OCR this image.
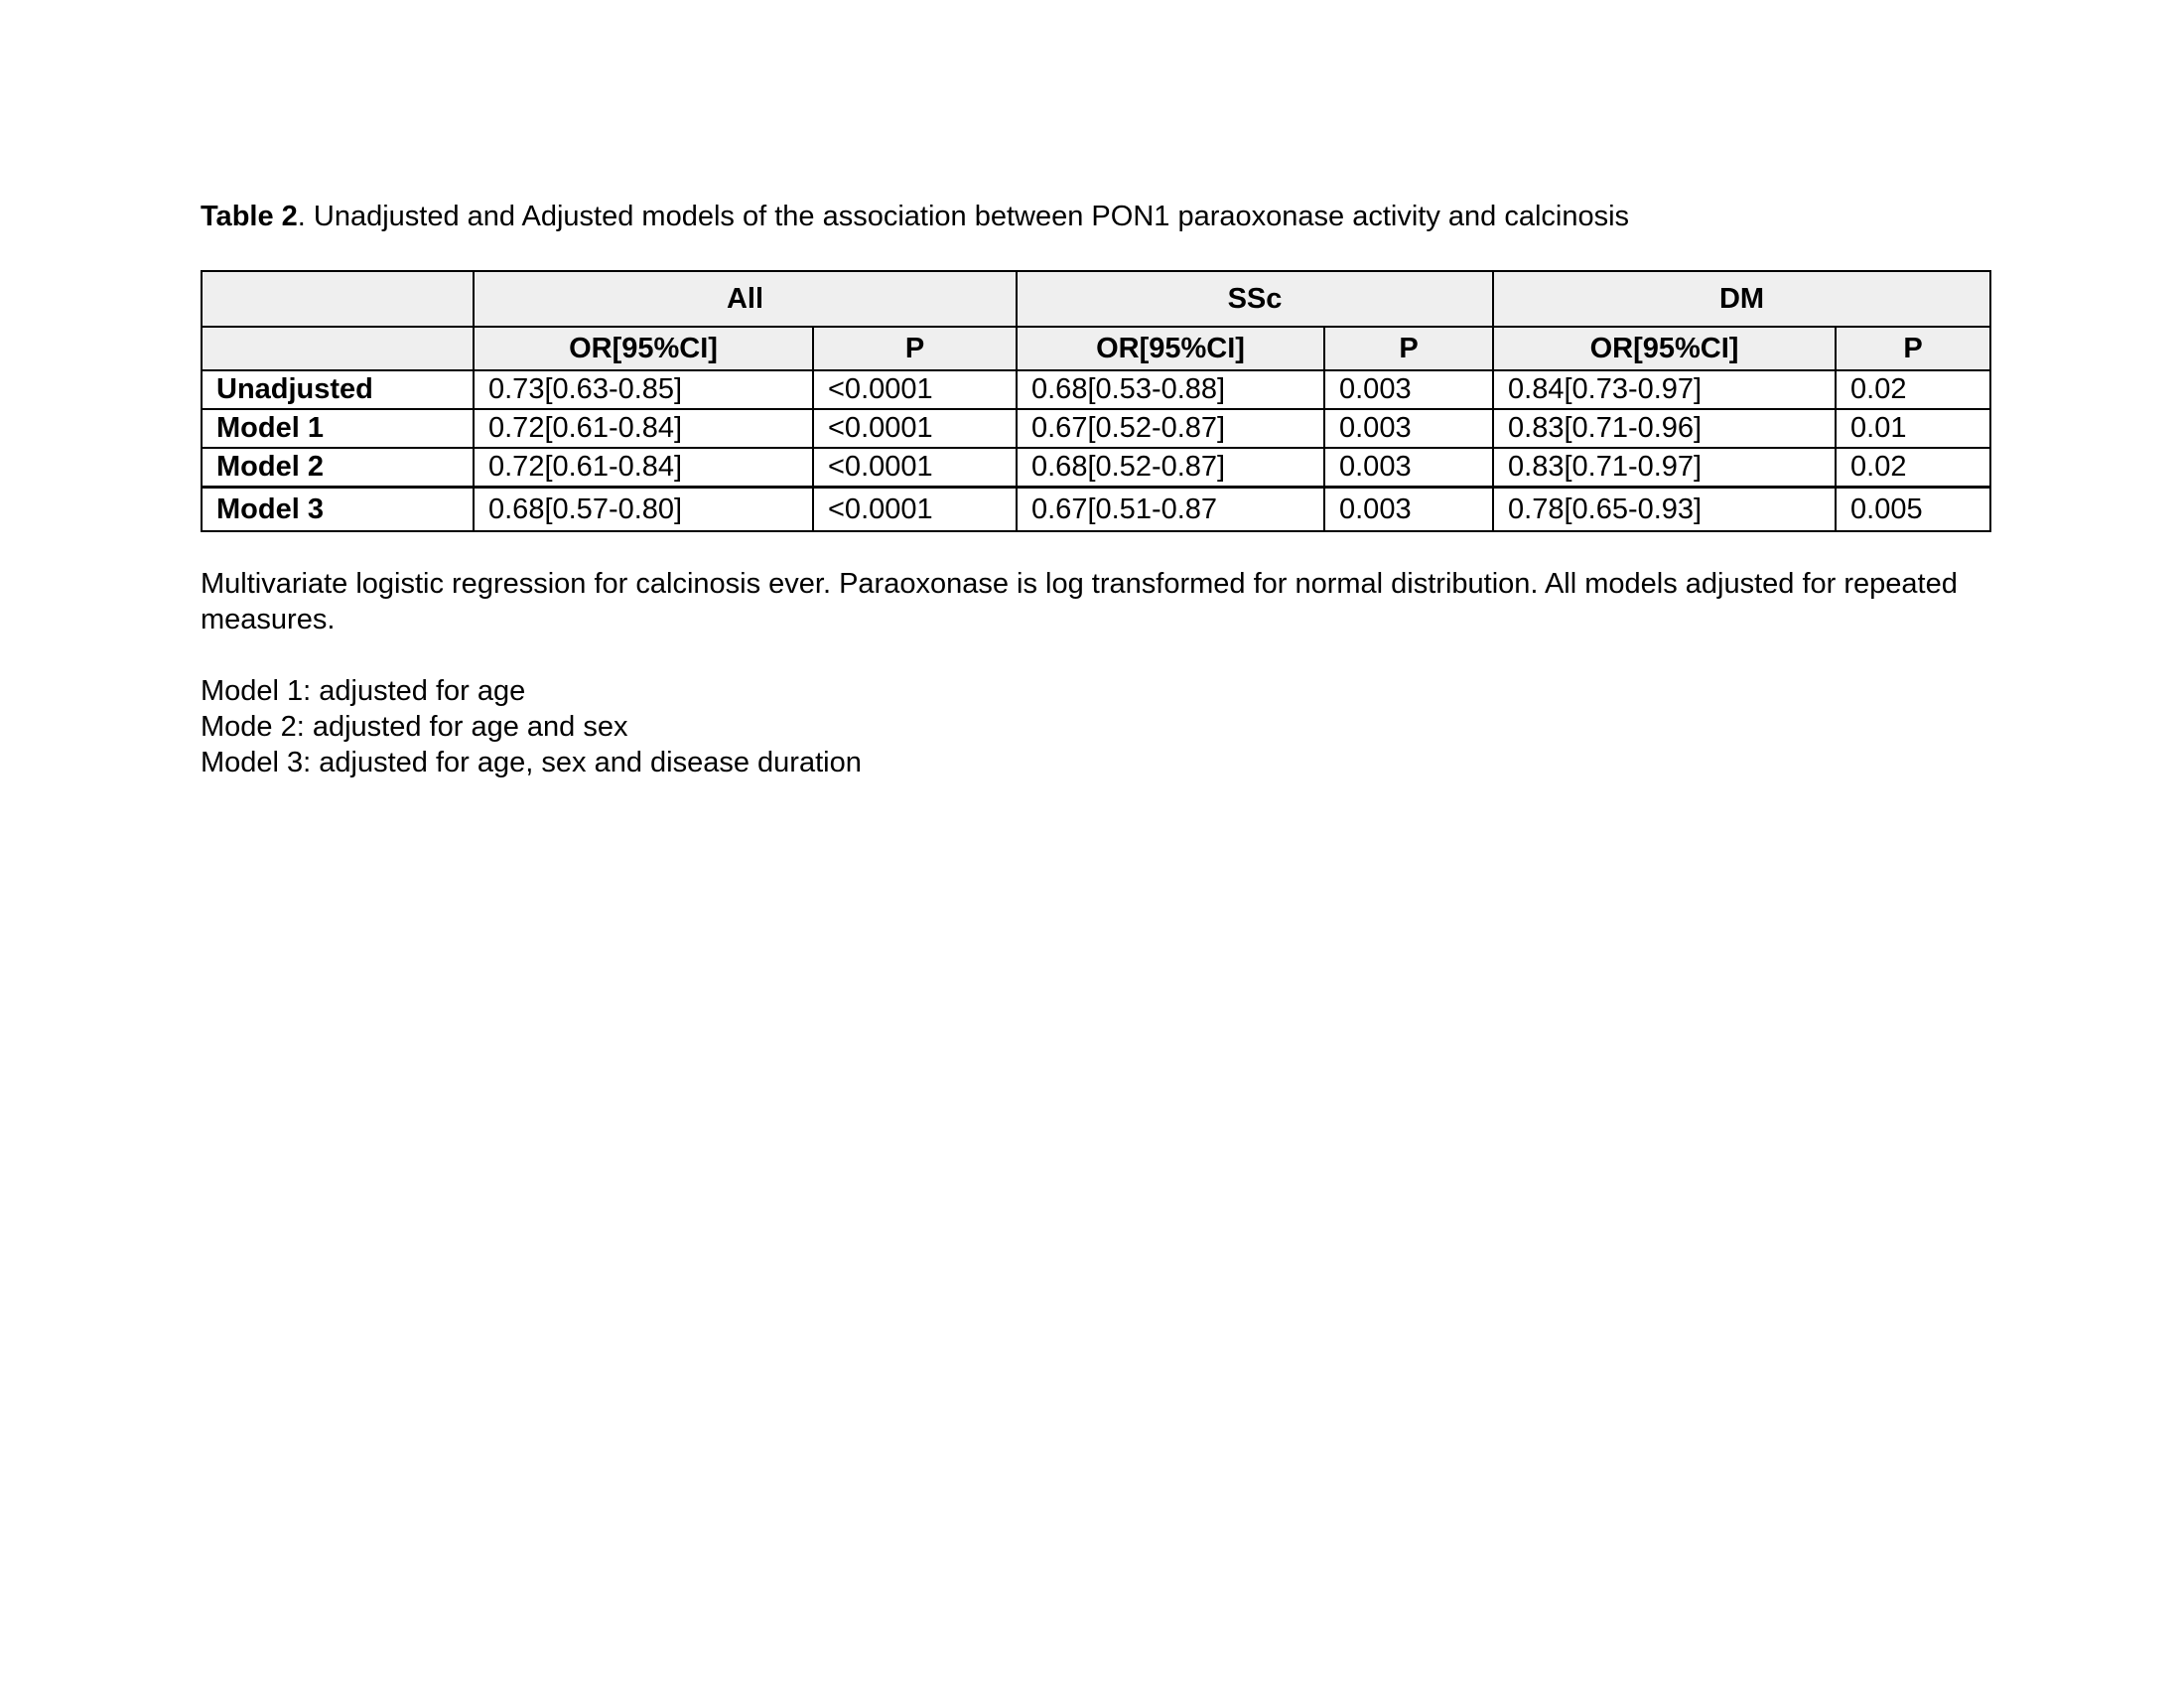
Table 2. Unadjusted and Adjusted models of the association between PON1 paraoxonase activity and calcinosis

	All		SSc		DM	
	OR[95%CI]	P	OR[95%CI]	P	OR[95%CI]	P
Unadjusted	0.73[0.63-0.85]	<0.0001	0.68[0.53-0.88]	0.003	0.84[0.73-0.97]	0.02
Model 1	0.72[0.61-0.84]	<0.0001	0.67[0.52-0.87]	0.003	0.83[0.71-0.96]	0.01
Model 2	0.72[0.61-0.84]	<0.0001	0.68[0.52-0.87]	0.003	0.83[0.71-0.97]	0.02
Model 3	0.68[0.57-0.80]	<0.0001	0.67[0.51-0.87	0.003	0.78[0.65-0.93]	0.005

Multivariate logistic regression for calcinosis ever. Paraoxonase is log transformed for normal distribution. All models adjusted for repeated measures.

Model 1: adjusted for age

Mode 2: adjusted for age and sex

Model 3: adjusted for age, sex and disease duration
